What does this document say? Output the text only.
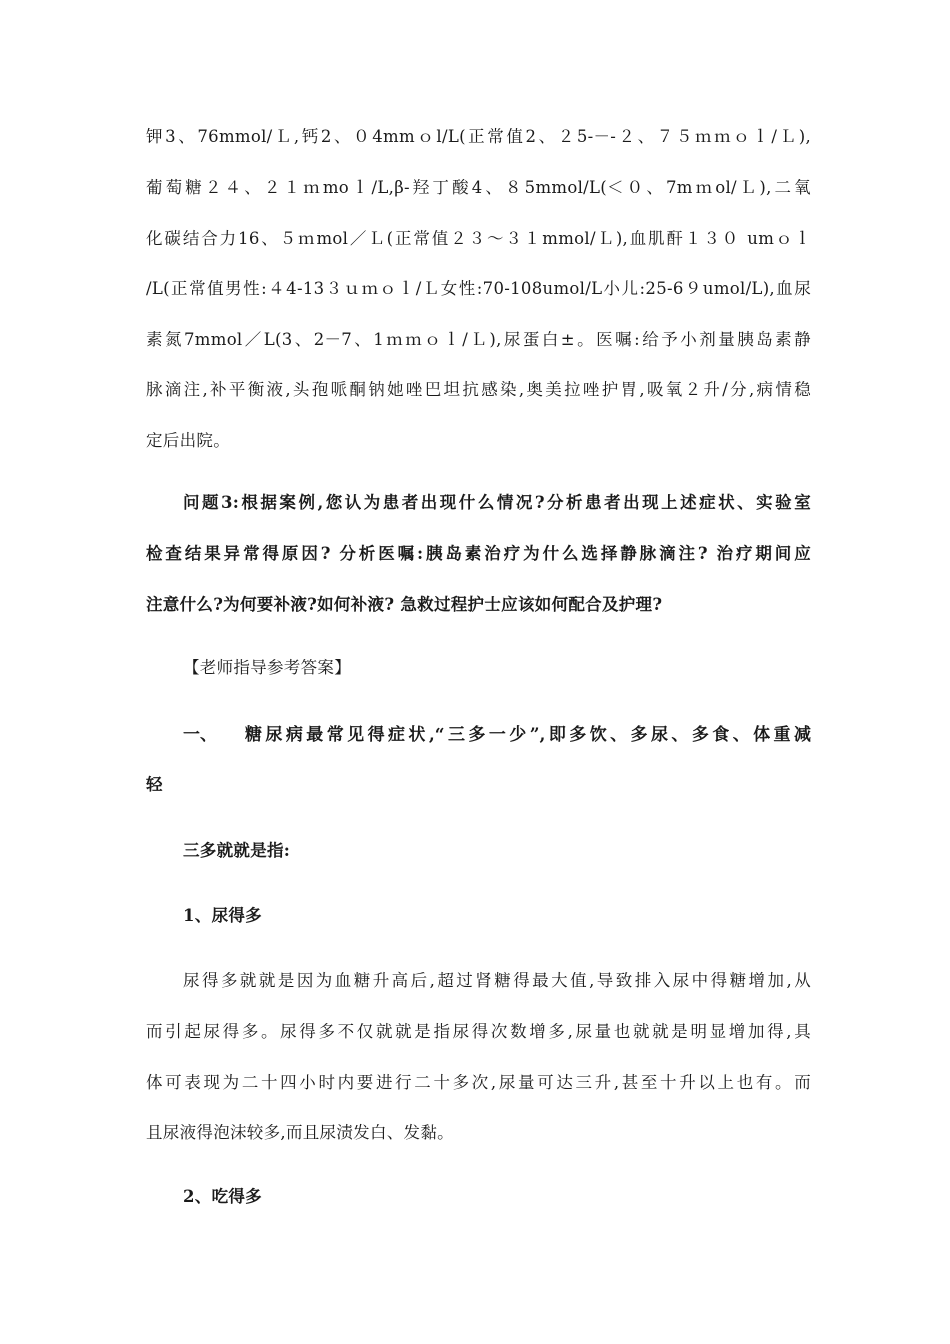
钾3、76mmol/Ｌ,钙2、０4mmｏl/L(正常值2、２5-－-２、７５ｍｍｏｌ/Ｌ),
葡萄糖２４、２１ｍmoｌ/L,β-羟丁酸4、８5mmol/L(＜０、7mｍol/Ｌ),二氧
化碳结合力16、５ｍmol／Ｌ(正常值２３～３１mmol/Ｌ),血肌酐１３０ umｏｌ
/L(正常值男性:４4-13３ｕｍｏｌ/Ｌ女性:70-108umol/L小儿:25-6９umol/L),血尿
素氮7mmol／L(3、2－7、1ｍｍｏｌ/Ｌ),尿蛋白±。医嘱:给予小剂量胰岛素静
脉滴注,补平衡液,头孢哌酮钠她唑巴坦抗感染,奥美拉唑护胃,吸氧２升/分,病情稳
定后出院。
问题3:根据案例,您认为患者出现什么情况?分析患者出现上述症状、实验室
检查结果异常得原因? 分析医嘱:胰岛素治疗为什么选择静脉滴注? 治疗期间应
注意什么?为何要补液?如何补液? 急救过程护士应该如何配合及护理?
【老师指导参考答案】
一、 糖尿病最常见得症状,“三多一少”,即多饮、多尿、多食、体重减
轻
三多就就是指:
1、尿得多
尿得多就就是因为血糖升高后,超过肾糖得最大值,导致排入尿中得糖增加,从
而引起尿得多。尿得多不仅就就是指尿得次数增多,尿量也就就是明显增加得,具
体可表现为二十四小时内要进行二十多次,尿量可达三升,甚至十升以上也有。而
且尿液得泡沫较多,而且尿渍发白、发黏。
2、吃得多
